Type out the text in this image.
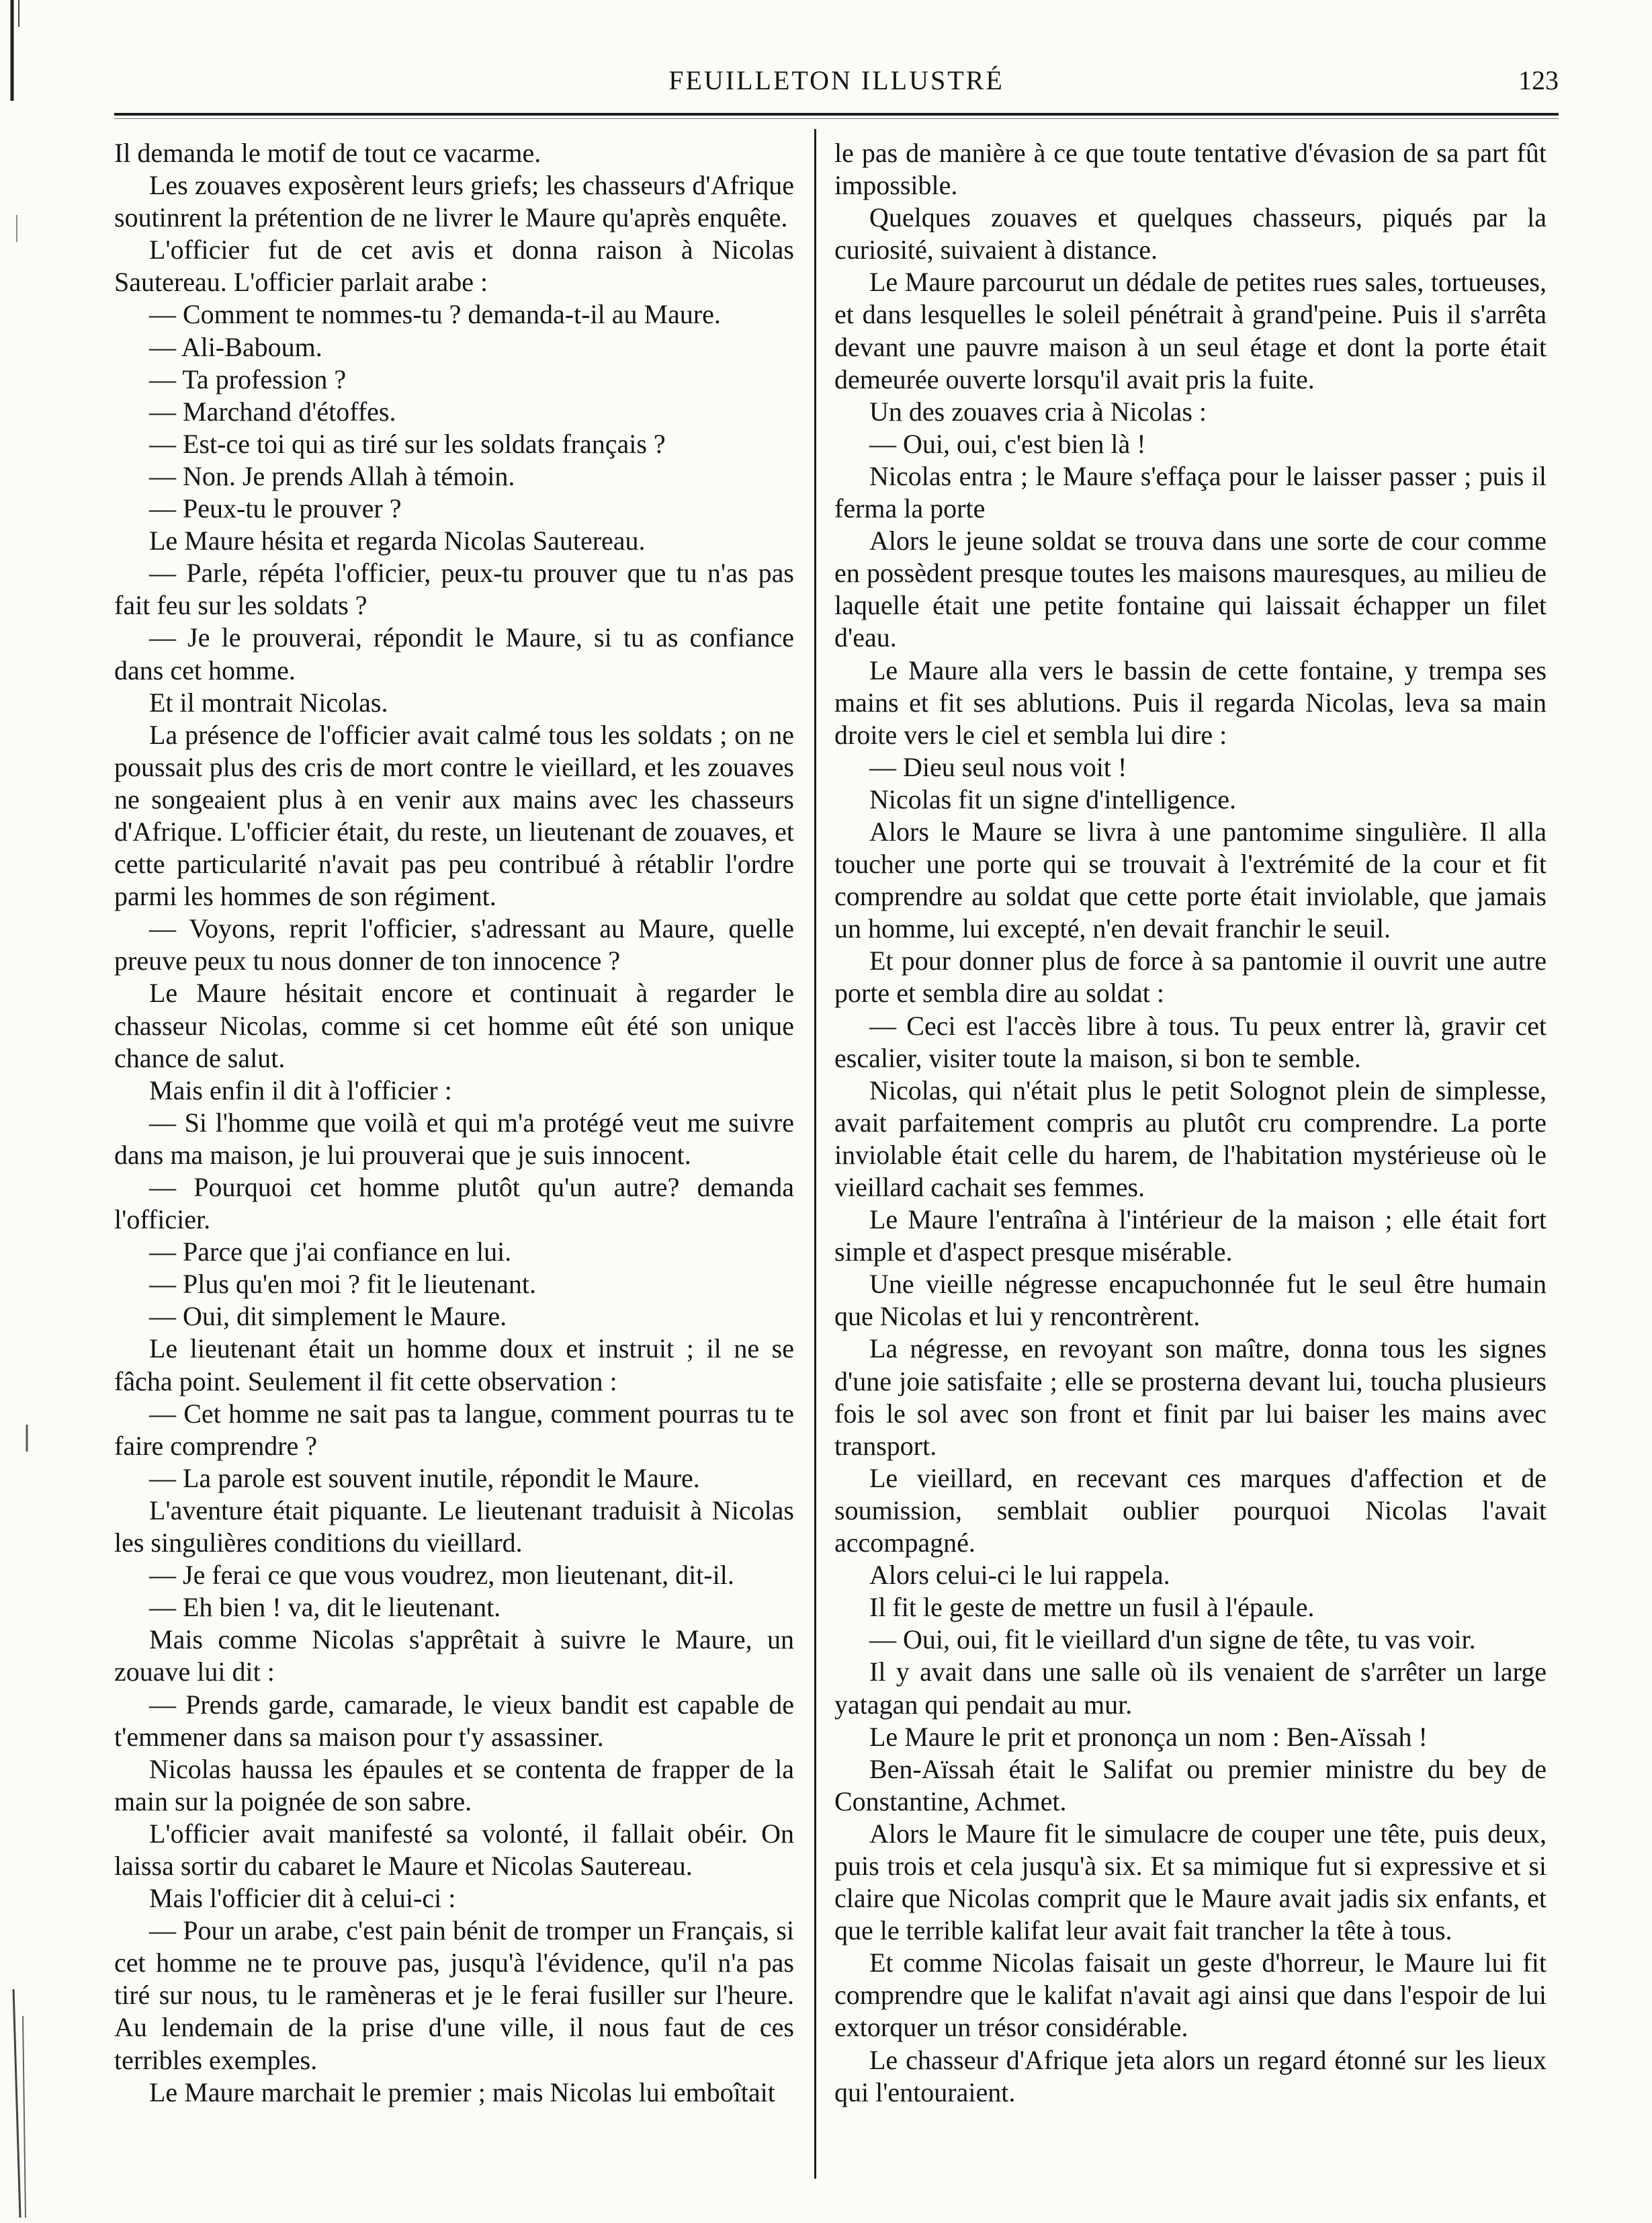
FEUILLETON ILLUSTRÉ	123

Il demanda le motif de tout ce vacarme.

Les zouaves exposèrent leurs griefs; les chasseurs d'Afrique soutinrent la prétention de ne livrer le Maure qu'après enquête.

L'officier fut de cet avis et donna raison à Nicolas Sautereau. L'officier parlait arabe :

— Comment te nommes-tu ? demanda-t-il au Maure.

— Ali-Baboum.

— Ta profession ?

— Marchand d'étoffes.

— Est-ce toi qui as tiré sur les soldats français ?

— Non. Je prends Allah à témoin.

— Peux-tu le prouver ?

Le Maure hésita et regarda Nicolas Sautereau.

— Parle, répéta l'officier, peux-tu prouver que tu n'as pas fait feu sur les soldats ?

— Je le prouverai, répondit le Maure, si tu as confiance dans cet homme.

Et il montrait Nicolas.

La présence de l'officier avait calmé tous les soldats ; on ne poussait plus des cris de mort contre le vieillard, et les zouaves ne songeaient plus à en venir aux mains avec les chasseurs d'Afrique. L'officier était, du reste, un lieutenant de zouaves, et cette particularité n'avait pas peu contribué à rétablir l'ordre parmi les hommes de son régiment.

— Voyons, reprit l'officier, s'adressant au Maure, quelle preuve peux tu nous donner de ton innocence ?

Le Maure hésitait encore et continuait à regarder le chasseur Nicolas, comme si cet homme eût été son unique chance de salut.

Mais enfin il dit à l'officier :

— Si l'homme que voilà et qui m'a protégé veut me suivre dans ma maison, je lui prouverai que je suis innocent.

— Pourquoi cet homme plutôt qu'un autre? demanda l'officier.

— Parce que j'ai confiance en lui.

— Plus qu'en moi ? fit le lieutenant.

— Oui, dit simplement le Maure.

Le lieutenant était un homme doux et instruit ; il ne se fâcha point. Seulement il fit cette observation :

— Cet homme ne sait pas ta langue, comment pourras tu te faire comprendre ?

— La parole est souvent inutile, répondit le Maure.

L'aventure était piquante. Le lieutenant traduisit à Nicolas les singulières conditions du vieillard.

— Je ferai ce que vous voudrez, mon lieutenant, dit-il.

— Eh bien ! va, dit le lieutenant.

Mais comme Nicolas s'apprêtait à suivre le Maure, un zouave lui dit :

— Prends garde, camarade, le vieux bandit est capable de t'emmener dans sa maison pour t'y assassiner.

Nicolas haussa les épaules et se contenta de frapper de la main sur la poignée de son sabre.

L'officier avait manifesté sa volonté, il fallait obéir. On laissa sortir du cabaret le Maure et Nicolas Sautereau.

Mais l'officier dit à celui-ci :

— Pour un arabe, c'est pain bénit de tromper un Français, si cet homme ne te prouve pas, jusqu'à l'évidence, qu'il n'a pas tiré sur nous, tu le ramèneras et je le ferai fusiller sur l'heure. Au lendemain de la prise d'une ville, il nous faut de ces terribles exemples.

Le Maure marchait le premier ; mais Nicolas lui emboîtait

le pas de manière à ce que toute tentative d'évasion de sa part fût impossible.

Quelques zouaves et quelques chasseurs, piqués par la curiosité, suivaient à distance.

Le Maure parcourut un dédale de petites rues sales, tortueuses, et dans lesquelles le soleil pénétrait à grand'peine. Puis il s'arrêta devant une pauvre maison à un seul étage et dont la porte était demeurée ouverte lorsqu'il avait pris la fuite.

Un des zouaves cria à Nicolas :

— Oui, oui, c'est bien là !

Nicolas entra ; le Maure s'effaça pour le laisser passer ; puis il ferma la porte

Alors le jeune soldat se trouva dans une sorte de cour comme en possèdent presque toutes les maisons mauresques, au milieu de laquelle était une petite fontaine qui laissait échapper un filet d'eau.

Le Maure alla vers le bassin de cette fontaine, y trempa ses mains et fit ses ablutions. Puis il regarda Nicolas, leva sa main droite vers le ciel et sembla lui dire :

— Dieu seul nous voit !

Nicolas fit un signe d'intelligence.

Alors le Maure se livra à une pantomime singulière. Il alla toucher une porte qui se trouvait à l'extrémité de la cour et fit comprendre au soldat que cette porte était inviolable, que jamais un homme, lui excepté, n'en devait franchir le seuil.

Et pour donner plus de force à sa pantomie il ouvrit une autre porte et sembla dire au soldat :

— Ceci est l'accès libre à tous. Tu peux entrer là, gravir cet escalier, visiter toute la maison, si bon te semble.

Nicolas, qui n'était plus le petit Solognot plein de simplesse, avait parfaitement compris au plutôt cru comprendre. La porte inviolable était celle du harem, de l'habitation mystérieuse où le vieillard cachait ses femmes.

Le Maure l'entraîna à l'intérieur de la maison ; elle était fort simple et d'aspect presque misérable.

Une vieille négresse encapuchonnée fut le seul être humain que Nicolas et lui y rencontrèrent.

La négresse, en revoyant son maître, donna tous les signes d'une joie satisfaite ; elle se prosterna devant lui, toucha plusieurs fois le sol avec son front et finit par lui baiser les mains avec transport.

Le vieillard, en recevant ces marques d'affection et de soumission, semblait oublier pourquoi Nicolas l'avait accompagné.

Alors celui-ci le lui rappela.

Il fit le geste de mettre un fusil à l'épaule.

— Oui, oui, fit le vieillard d'un signe de tête, tu vas voir.

Il y avait dans une salle où ils venaient de s'arrêter un large yatagan qui pendait au mur.

Le Maure le prit et prononça un nom : Ben-Aïssah !

Ben-Aïssah était le Salifat ou premier ministre du bey de Constantine, Achmet.

Alors le Maure fit le simulacre de couper une tête, puis deux, puis trois et cela jusqu'à six. Et sa mimique fut si expressive et si claire que Nicolas comprit que le Maure avait jadis six enfants, et que le terrible kalifat leur avait fait trancher la tête à tous.

Et comme Nicolas faisait un geste d'horreur, le Maure lui fit comprendre que le kalifat n'avait agi ainsi que dans l'espoir de lui extorquer un trésor considérable.

Le chasseur d'Afrique jeta alors un regard étonné sur les lieux qui l'entouraient.
